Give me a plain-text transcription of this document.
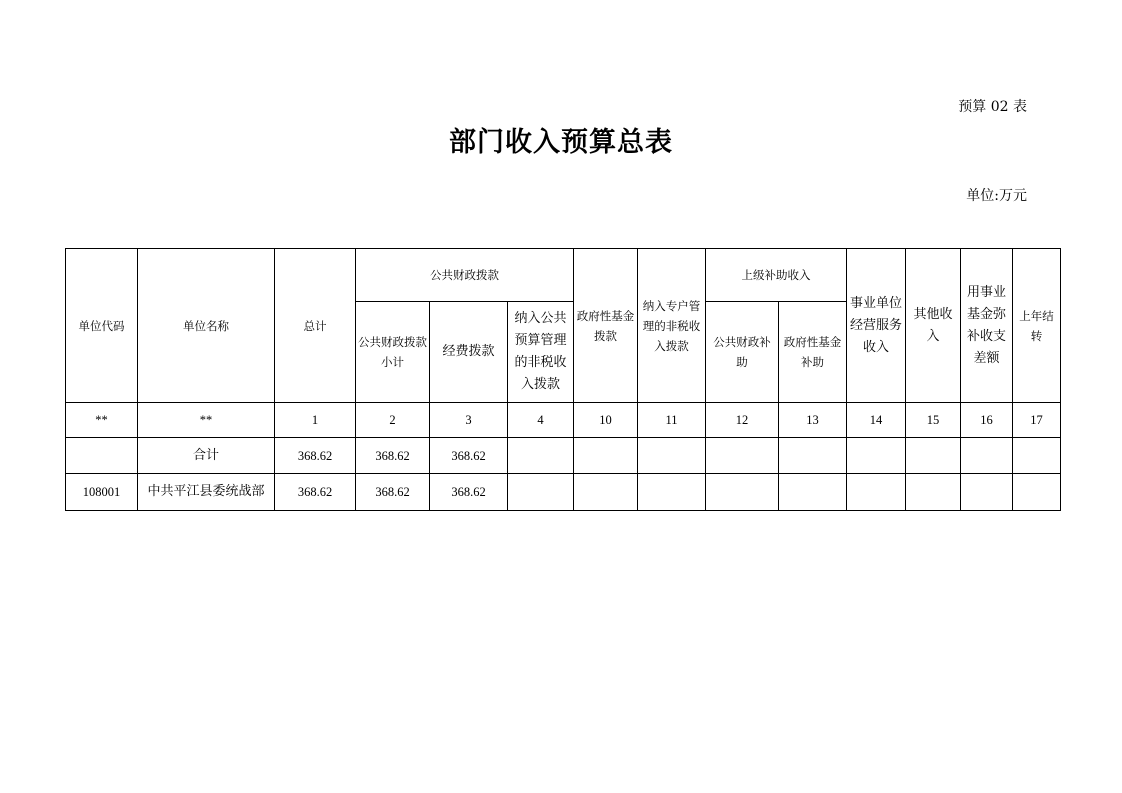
预算 02 表
部门收入预算总表
单位:万元
单位代码	单位名称	总计	公共财政拨款			政府性基金拨款	纳入专户管理的非税收入拨款	上级补助收入		事业单位经营服务收入	其他收入	用事业基金弥补收支差额	上年结转
			公共财政拨款小计	经费拨款	纳入公共预算管理的非税收入拨款			公共财政补助	政府性基金补助				
**	**	1	2	3	4	10	11	12	13	14	15	16	17
	合计	368.62	368.62	368.62									
108001	中共平江县委统战部	368.62	368.62	368.62									
